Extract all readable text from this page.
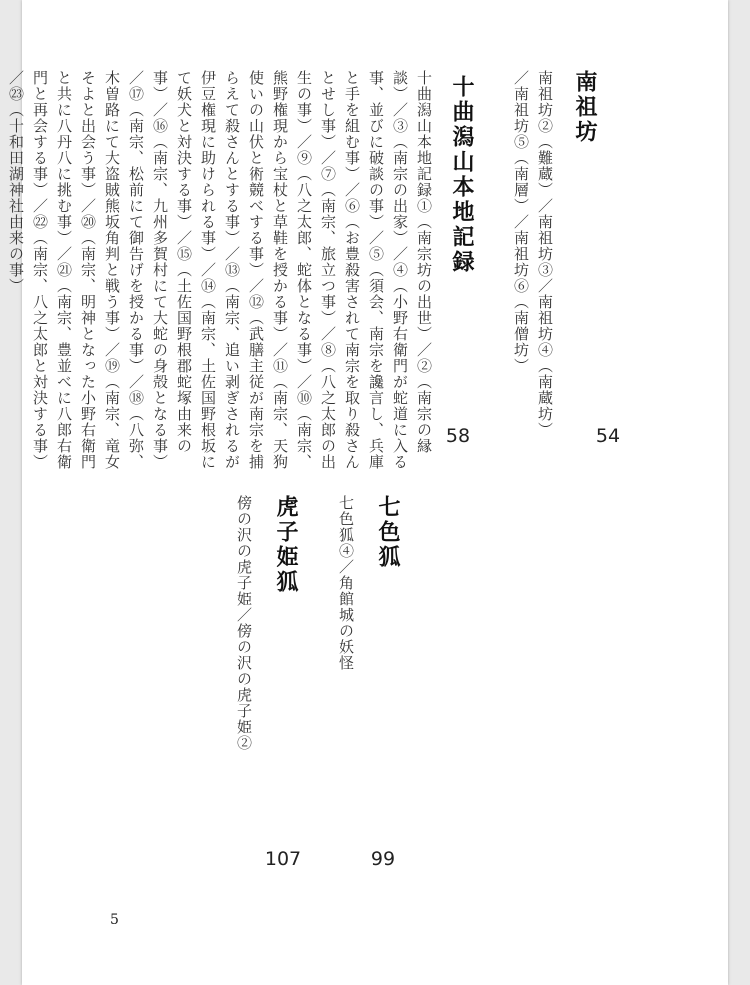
南祖坊
南祖坊②（難蔵）／南祖坊③／南祖坊④（南蔵坊）／南祖坊⑤（南層）／南祖坊⑥（南僧坊）
54
十曲潟山本地記録
十曲潟山本地記録①（南宗坊の出世）／②（南宗の縁談）／③（南宗の出家）／④（小野右衛門が蛇道に入る事、並びに破談の事）／⑤（須会、南宗を讒言し、兵庫と手を組む事）／⑥（お豊殺害されて南宗を取り殺さんとせし事）／⑦（南宗、旅立つ事）／⑧（八之太郎の出生の事）／⑨（八之太郎、蛇体となる事）／⑩（南宗、熊野権現から宝杖と草鞋を授かる事）／⑪（南宗、天狗使いの山伏と術競べする事）／⑫（武膳主従が南宗を捕らえて殺さんとする事）／⑬（南宗、追い剥ぎされるが伊豆権現に助けられる事）／⑭（南宗、土佐国野根坂にて妖犬と対決する事）／⑮（土佐国野根郡蛇塚由来の事）／⑯（南宗、九州多賀村にて大蛇の身殻となる事）／⑰（南宗、松前にて御告げを授かる事）／⑱（八弥、木曽路にて大盗賊熊坂角判と戦う事）／⑲（南宗、竜女そよと出会う事）／⑳（南宗、明神となった小野右衛門と共に八丹八に挑む事）／㉑（南宗、豊並べに八郎右衛門と再会する事）／㉒（南宗、八之太郎と対決する事）／㉓（十和田湖神社由来の事）
58
七色狐
七色狐④／角館城の妖怪
99
虎子姫狐
傍の沢の虎子姫／傍の沢の虎子姫②
107
5
